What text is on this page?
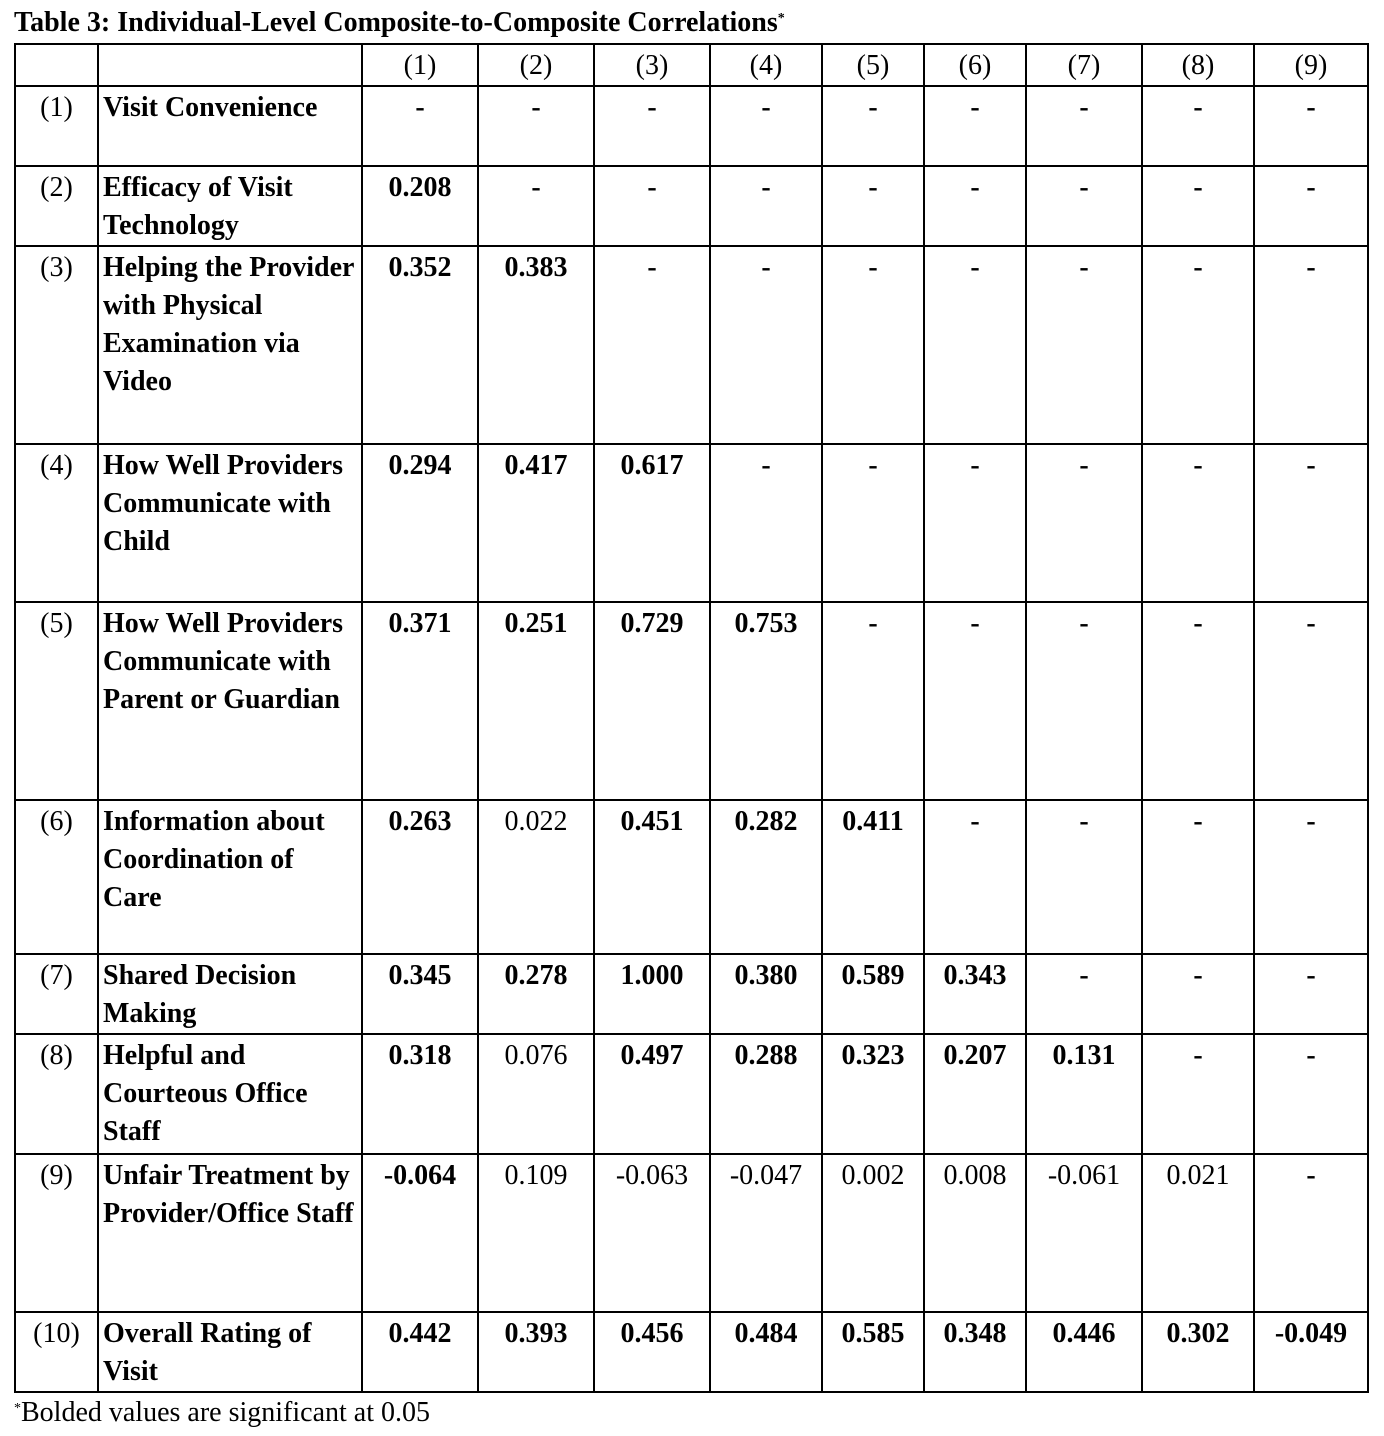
Table 3: Individual-Level Composite-to-Composite Correlations*
		(1)	(2)	(3)	(4)	(5)	(6)	(7)	(8)	(9)
(1)	Visit Convenience	-	-	-	-	-	-	-	-	-
(2)	Efficacy of Visit Technology	0.208	-	-	-	-	-	-	-	-
(3)	Helping the Provider with Physical Examination via Video	0.352	0.383	-	-	-	-	-	-	-
(4)	How Well Providers Communicate with Child	0.294	0.417	0.617	-	-	-	-	-	-
(5)	How Well Providers Communicate with Parent or Guardian	0.371	0.251	0.729	0.753	-	-	-	-	-
(6)	Information about Coordination of Care	0.263	0.022	0.451	0.282	0.411	-	-	-	-
(7)	Shared Decision Making	0.345	0.278	1.000	0.380	0.589	0.343	-	-	-
(8)	Helpful and Courteous Office Staff	0.318	0.076	0.497	0.288	0.323	0.207	0.131	-	-
(9)	Unfair Treatment by Provider/Office Staff	-0.064	0.109	-0.063	-0.047	0.002	0.008	-0.061	0.021	-
(10)	Overall Rating of Visit	0.442	0.393	0.456	0.484	0.585	0.348	0.446	0.302	-0.049
*Bolded values are significant at 0.05
